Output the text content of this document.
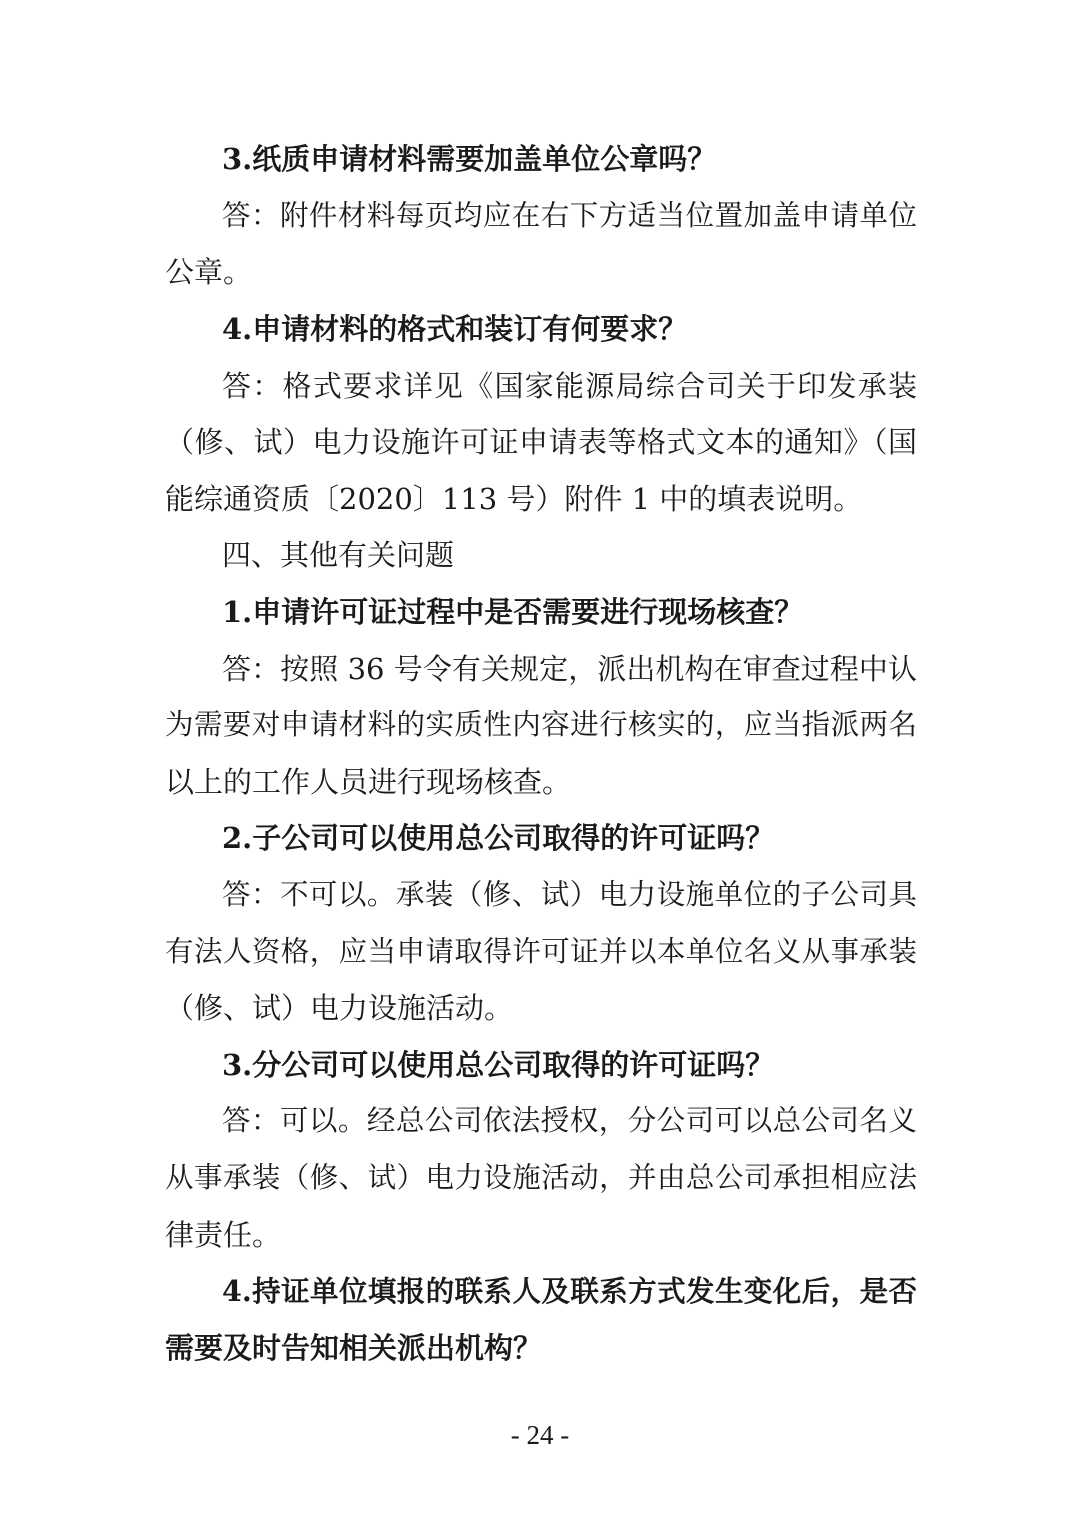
3.纸质申请材料需要加盖单位公章吗？
答：附件材料每页均应在右下方适当位置加盖申请单位
公章。
4.申请材料的格式和装订有何要求？
答：格式要求详见《国家能源局综合司关于印发承装
（修、试）电力设施许可证申请表等格式文本的通知》（国
能综通资质〔2020〕113 号）附件 1 中的填表说明。
四、其他有关问题
1.申请许可证过程中是否需要进行现场核查？
答：按照 36 号令有关规定，派出机构在审查过程中认
为需要对申请材料的实质性内容进行核实的，应当指派两名
以上的工作人员进行现场核查。
2.子公司可以使用总公司取得的许可证吗？
答：不可以。承装（修、试）电力设施单位的子公司具
有法人资格，应当申请取得许可证并以本单位名义从事承装
（修、试）电力设施活动。
3.分公司可以使用总公司取得的许可证吗？
答：可以。经总公司依法授权，分公司可以总公司名义
从事承装（修、试）电力设施活动，并由总公司承担相应法
律责任。
4.持证单位填报的联系人及联系方式发生变化后，是否
需要及时告知相关派出机构？
- 24 -
